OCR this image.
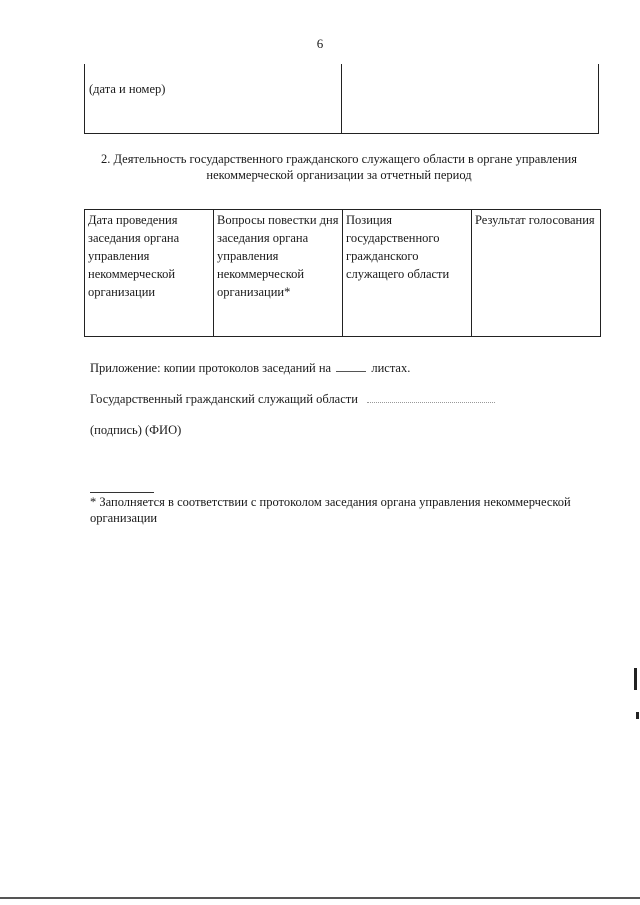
6
(дата и номер)
2. Деятельность государственного гражданского служащего области в органе управления некоммерческой организации за отчетный период
Дата проведения заседания органа управления некоммерческой организации	Вопросы повестки дня заседания органа управления некоммерческой организации*	Позиция государственного гражданского служащего области	Результат голосования
Приложение: копии протоколов заседаний на	листах.
Государственный гражданский служащий области
(подпись) (ФИО)
* Заполняется в соответствии с протоколом заседания органа управления некоммерческой организации
